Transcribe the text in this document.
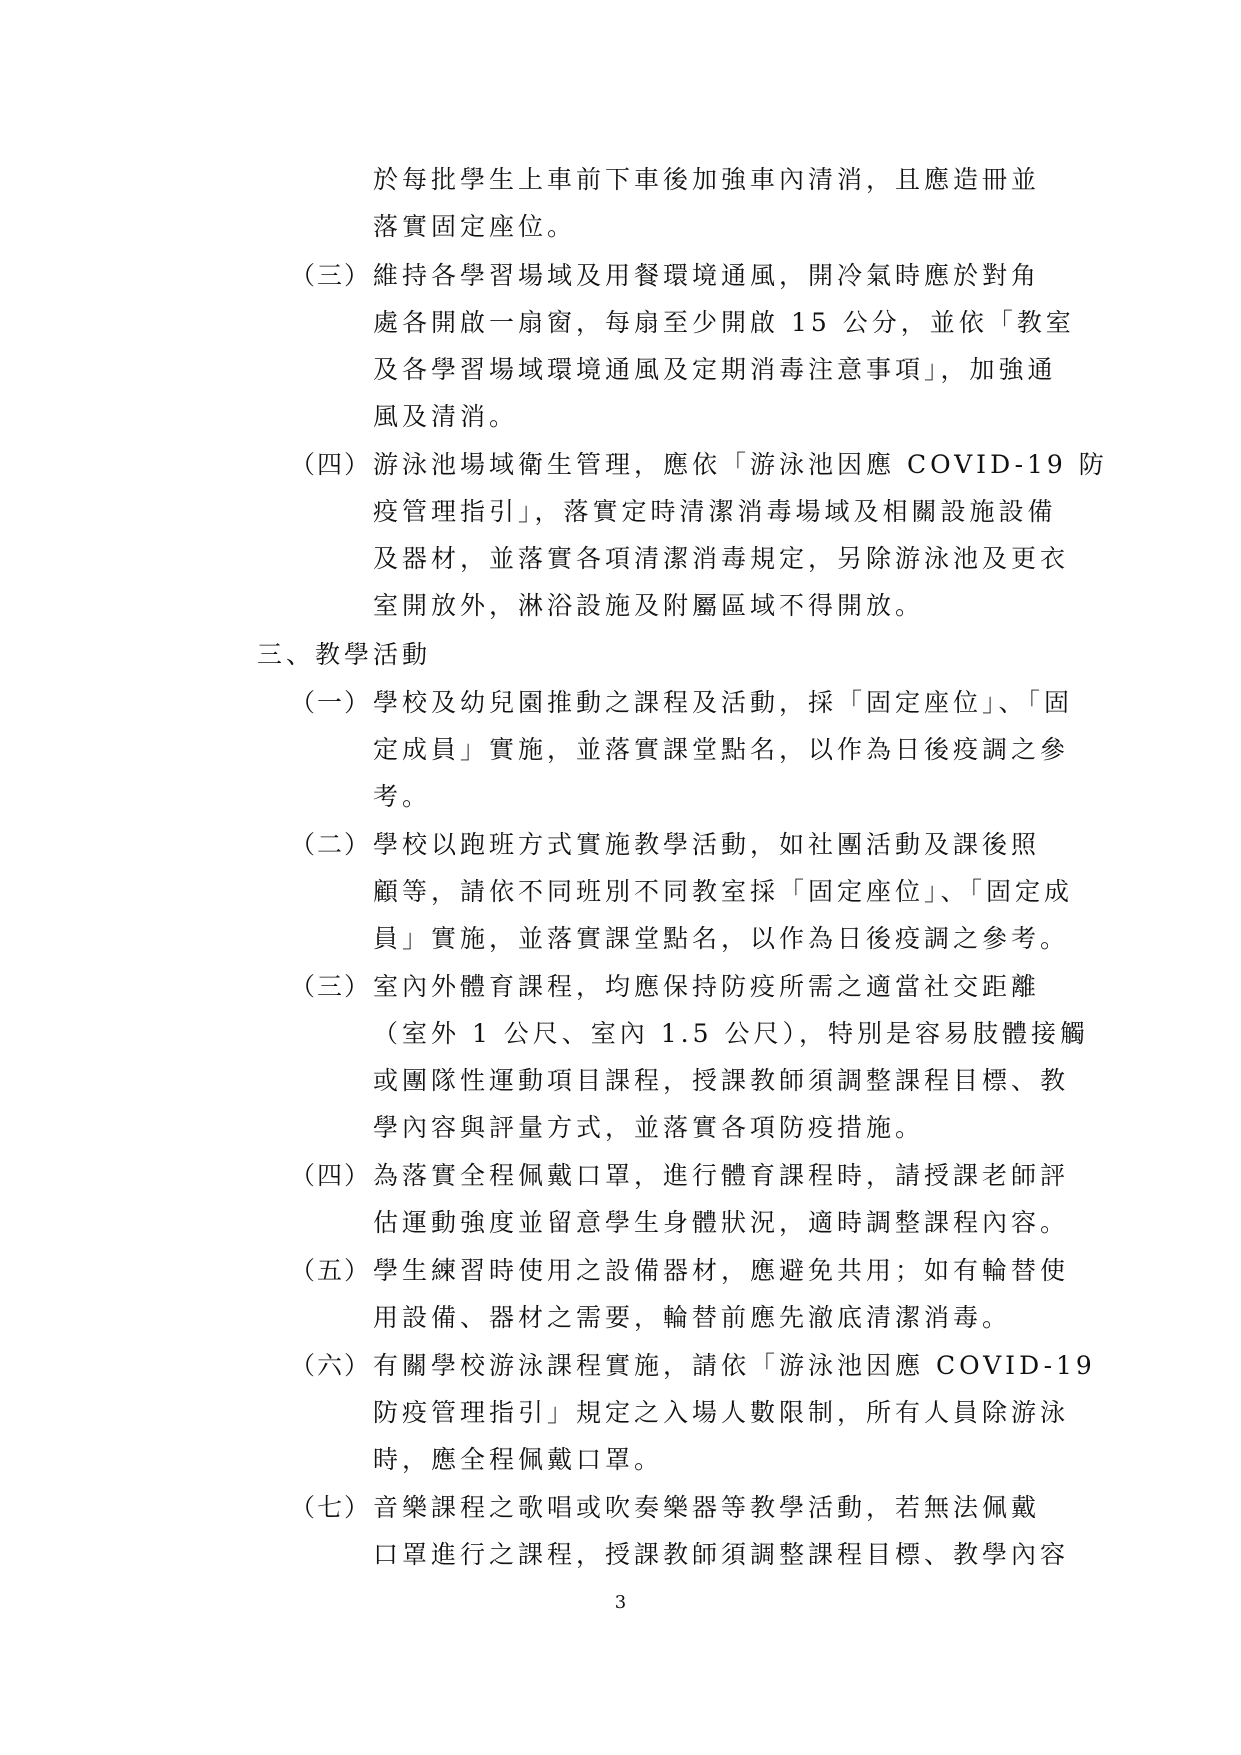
於每批學生上車前下車後加強車內清消，且應造冊並
落實固定座位。
（三） 維持各學習場域及用餐環境通風，開冷氣時應於對角
處各開啟一扇窗，每扇至少開啟 15 公分，並依「教室
及各學習場域環境通風及定期消毒注意事項」，加強通
風及清消。
（四） 游泳池場域衛生管理，應依「游泳池因應 COVID-19 防
疫管理指引」，落實定時清潔消毒場域及相關設施設備
及器材，並落實各項清潔消毒規定，另除游泳池及更衣
室開放外，淋浴設施及附屬區域不得開放。
三、教學活動
（一） 學校及幼兒園推動之課程及活動，採「固定座位」、「固
定成員」實施，並落實課堂點名，以作為日後疫調之參
考。
（二） 學校以跑班方式實施教學活動，如社團活動及課後照
顧等，請依不同班別不同教室採「固定座位」、「固定成
員」實施，並落實課堂點名，以作為日後疫調之參考。
（三） 室內外體育課程，均應保持防疫所需之適當社交距離
（室外 1 公尺、室內 1.5 公尺），特別是容易肢體接觸
或團隊性運動項目課程，授課教師須調整課程目標、教
學內容與評量方式，並落實各項防疫措施。
（四） 為落實全程佩戴口罩，進行體育課程時，請授課老師評
估運動強度並留意學生身體狀況，適時調整課程內容。
（五） 學生練習時使用之設備器材，應避免共用；如有輪替使
用設備、器材之需要，輪替前應先澈底清潔消毒。
（六） 有關學校游泳課程實施，請依「游泳池因應 COVID-19
防疫管理指引」規定之入場人數限制，所有人員除游泳
時，應全程佩戴口罩。
（七） 音樂課程之歌唱或吹奏樂器等教學活動，若無法佩戴
口罩進行之課程，授課教師須調整課程目標、教學內容
3
